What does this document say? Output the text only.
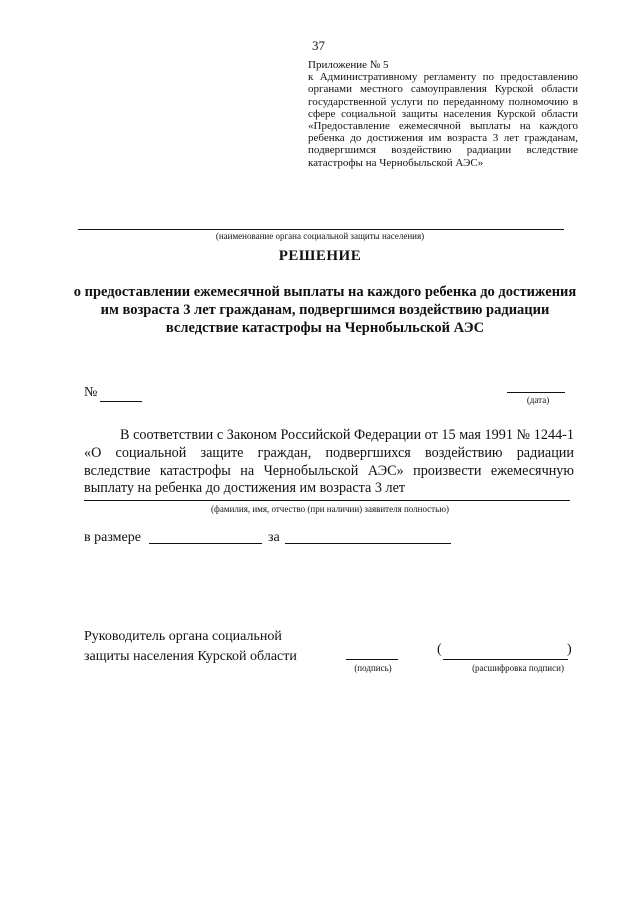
37
Приложение № 5
к Административному регламенту по предоставлению органами местного самоуправления Курской области государственной услуги по переданному полномочию в сфере социальной защиты населения Курской области «Предоставление ежемесячной выплаты на каждого ребенка до достижения им возраста 3 лет гражданам, подвергшимся воздействию радиации вследствие катастрофы на Чернобыльской АЭС»
(наименование органа социальной защиты населения)
РЕШЕНИЕ
о предоставлении ежемесячной выплаты на каждого ребенка до достижения им возраста 3 лет гражданам, подвергшимся воздействию радиации вследствие катастрофы на Чернобыльской АЭС
№	(дата)
В соответствии с Законом Российской Федерации от 15 мая 1991 № 1244-1 «О социальной защите граждан, подвергшихся воздействию радиации вследствие катастрофы на Чернобыльской АЭС» произвести ежемесячную выплату на ребенка до достижения им возраста 3 лет
(фамилия, имя, отчество (при наличии) заявителя полностью)
в размере	за
Руководитель органа социальной
защиты населения Курской области
(подпись)
(	)
(расшифровка подписи)
